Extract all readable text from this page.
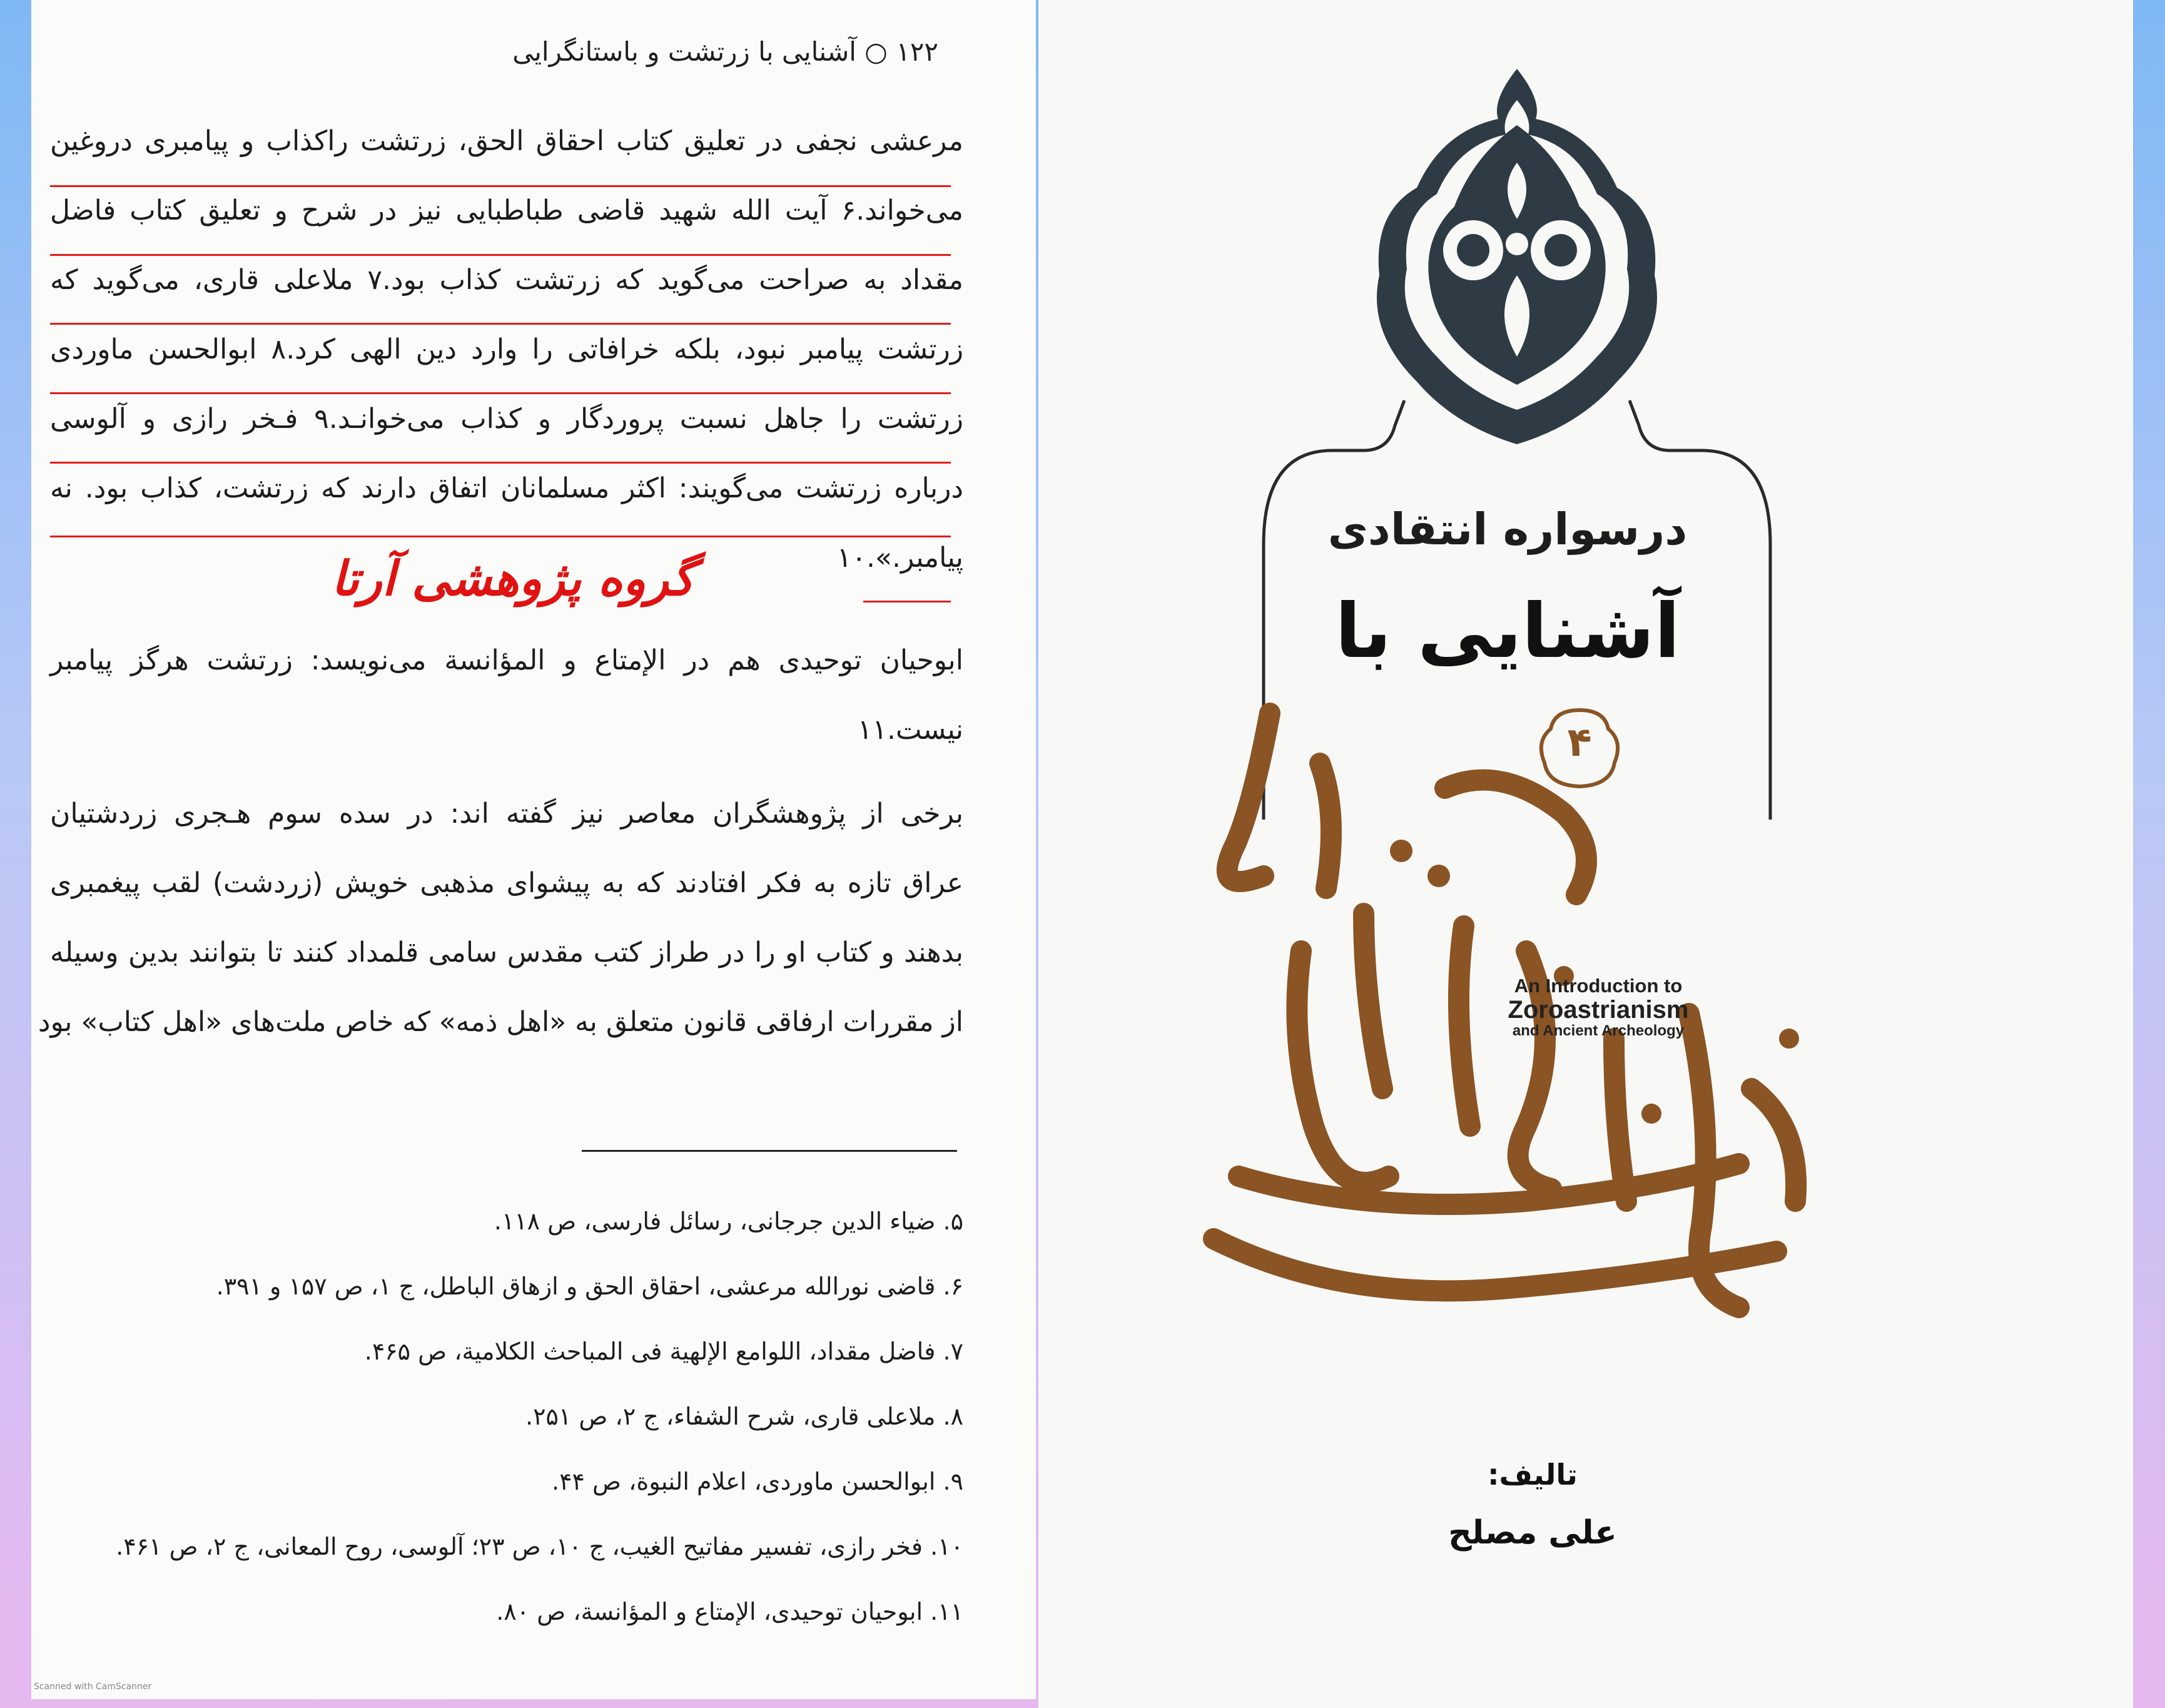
۱۲۲ ○ آشنایی با زرتشت و باستانگرایی
مرعشی نجفی در تعلیق کتاب احقاق الحق، زرتشت راکذاب و پیامبری دروغین
می‌خواند.۶ آیت الله شهید قاضی طباطبایی نیز در شرح و تعلیق کتاب فاضل
مقداد به صراحت می‌گوید که زرتشت کذاب بود.۷ ملاعلی قاری، می‌گوید که
زرتشت پیامبر نبود، بلکه خرافاتی را وارد دین الهی کرد.۸ ابوالحسن ماوردی
زرتشت را جاهل نسبت پروردگار و کذاب می‌خوانـد.۹ فـخر رازی و آلوسی
درباره زرتشت می‌گویند: اکثر مسلمانان اتفاق دارند که زرتشت، کذاب بود. نه
پیامبر.».۱۰
گروه پژوهشی آرتا
ابوحیان توحیدی هم در الإمتاع و المؤانسة می‌نویسد: زرتشت هرگز پیامبر
نیست.۱۱
برخی از پژوهشگران معاصر نیز گفته اند: در سده سوم هـجری زردشتیان
عراق تازه به فکر افتادند که به پیشوای مذهبی خویش (زردشت) لقب پیغمبری
بدهند و کتاب او را در طراز کتب مقدس سامی قلمداد کنند تا بتوانند بدین وسیله
از مقررات ارفاقی قانون متعلق به «اهل ذمه» که خاص ملت‌های «اهل کتاب» بود
۵. ضیاء الدین جرجانی، رسائل فارسی، ص ۱۱۸.
۶. قاضی نورالله مرعشی، احقاق الحق و ازهاق الباطل، ج ۱، ص ۱۵۷ و ۳۹۱.
۷. فاضل مقداد، اللوامع الإلهیة فی المباحث الکلامیة، ص ۴۶۵.
۸. ملاعلی قاری، شرح الشفاء، ج ۲، ص ۲۵۱.
۹. ابوالحسن ماوردی، اعلام النبوة، ص ۴۴.
۱۰. فخر رازی، تفسیر مفاتیح الغیب، ج ۱۰، ص ۲۳؛ آلوسی، روح المعانی، ج ۲، ص ۴۶۱.
۱۱. ابوحیان توحیدی، الإمتاع و المؤانسة، ص ۸۰.
Scanned with CamScanner
درسواره انتقادی
آشنایی با
۴
An Introduction to
Zoroastrianism
and Ancient Archeology
تالیف:
علی مصلح
